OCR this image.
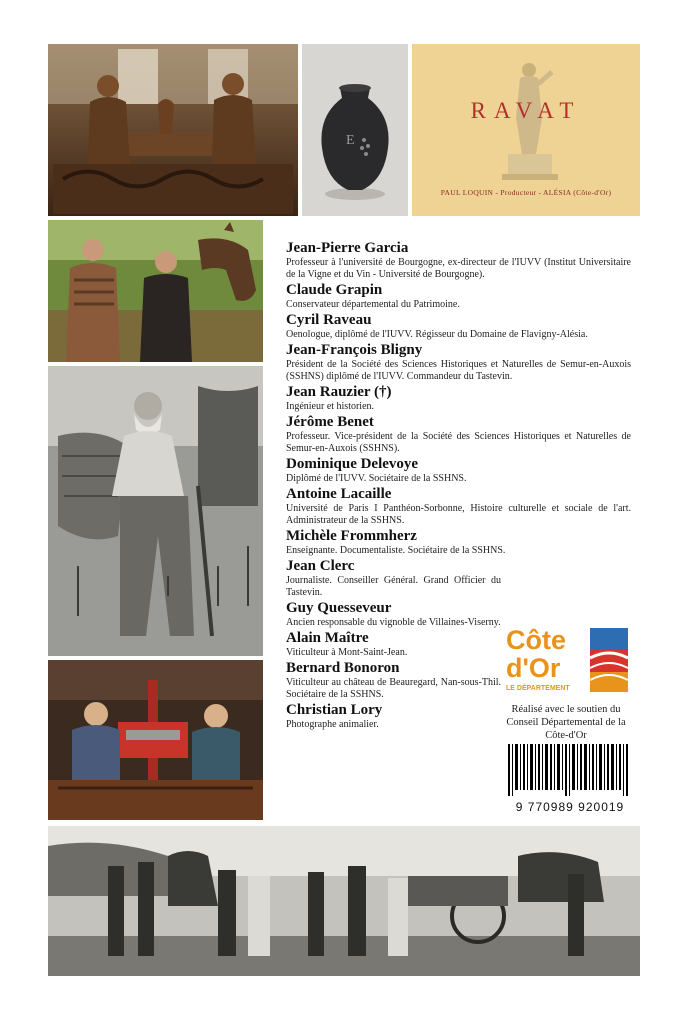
E
RAVAT
PAUL LOQUIN - Producteur - ALÉSIA (Côte-d'Or)
Jean-Pierre Garcia
Professeur à l'université de Bourgogne, ex-directeur de l'IUVV (Institut Universitaire de la Vigne et du Vin - Université de Bourgogne).
Claude Grapin
Conservateur départemental du Patrimoine.
Cyril Raveau
Oenologue, diplômé de l'IUVV. Régisseur du Domaine de Flavigny-Alésia.
Jean-François Bligny
Président de la Société des Sciences Historiques et Naturelles de Semur-en-Auxois (SSHNS) diplômé de l'IUVV. Commandeur du Tastevin.
Jean Rauzier (†)
Ingénieur et historien.
Jérôme Benet
Professeur. Vice-président de la Société des Sciences Historiques et Naturelles de Semur-en-Auxois (SSHNS).
Dominique Delevoye
Diplômé de l'IUVV. Sociétaire de la SSHNS.
Antoine Lacaille
Université de Paris I Panthéon-Sorbonne, Histoire culturelle et sociale de l'art. Administrateur de la SSHNS.
Michèle Frommherz
Enseignante. Documentaliste. Sociétaire de la SSHNS.
Jean Clerc
Journaliste. Conseiller Général. Grand Officier du Tastevin.
Guy Quesseveur
Ancien responsable du vignoble de Villaines-Viserny.
Alain Maître
Viticulteur à Mont-Saint-Jean.
Bernard Bonoron
Viticulteur au château de Beauregard, Nan-sous-Thil. Sociétaire de la SSHNS.
Christian Lory
Photographe animalier.
Côte
d'Or
LE DÉPARTEMENT
Réalisé avec le soutien du Conseil Départemental de la Côte-d'Or
9 770989 920019
